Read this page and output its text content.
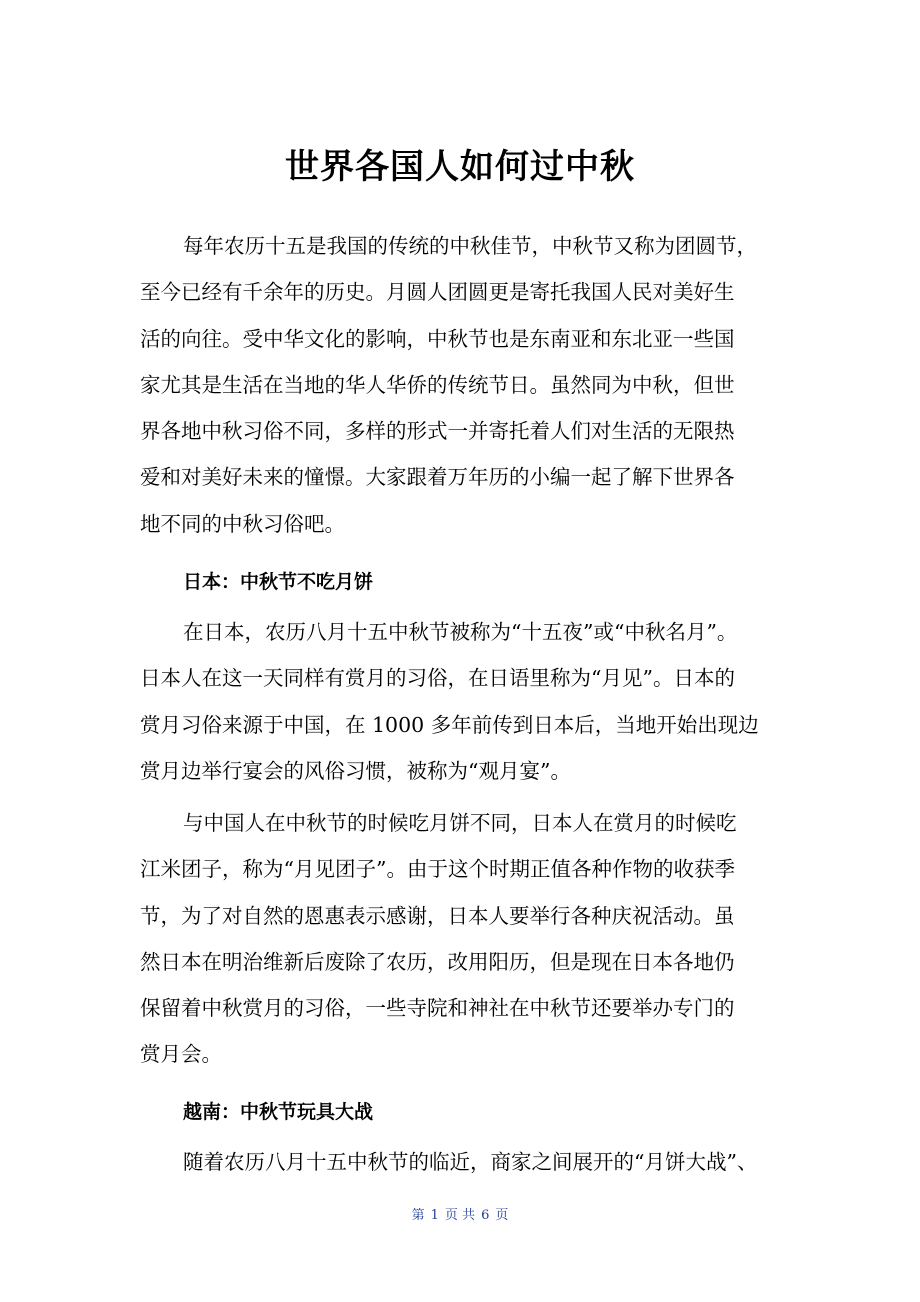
世界各国人如何过中秋
每年农历十五是我国的传统的中秋佳节，中秋节又称为团圆节，
至今已经有千余年的历史。月圆人团圆更是寄托我国人民对美好生
活的向往。受中华文化的影响，中秋节也是东南亚和东北亚一些国
家尤其是生活在当地的华人华侨的传统节日。虽然同为中秋，但世
界各地中秋习俗不同，多样的形式一并寄托着人们对生活的无限热
爱和对美好未来的憧憬。大家跟着万年历的小编一起了解下世界各
地不同的中秋习俗吧。
日本：中秋节不吃月饼
在日本，农历八月十五中秋节被称为“十五夜”或“中秋名月”。
日本人在这一天同样有赏月的习俗，在日语里称为“月见”。日本的
赏月习俗来源于中国，在 1000 多年前传到日本后，当地开始出现边
赏月边举行宴会的风俗习惯，被称为“观月宴”。
与中国人在中秋节的时候吃月饼不同，日本人在赏月的时候吃
江米团子，称为“月见团子”。由于这个时期正值各种作物的收获季
节，为了对自然的恩惠表示感谢，日本人要举行各种庆祝活动。虽
然日本在明治维新后废除了农历，改用阳历，但是现在日本各地仍
保留着中秋赏月的习俗，一些寺院和神社在中秋节还要举办专门的
赏月会。
越南：中秋节玩具大战
随着农历八月十五中秋节的临近，商家之间展开的“月饼大战”、
第 1 页 共 6 页
